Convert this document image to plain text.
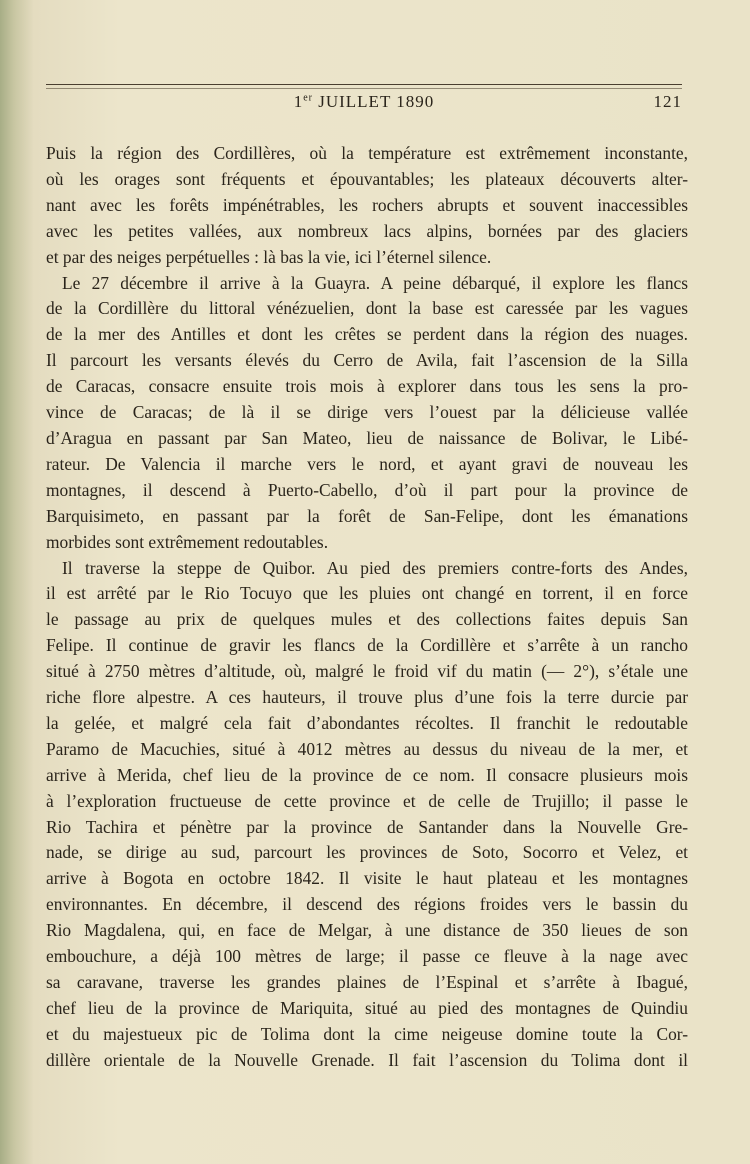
1er JUILLET 1890	121

Puis la région des Cordillères, où la température est extrêmement inconstante,

où les orages sont fréquents et épouvantables; les plateaux découverts alter-

nant avec les forêts impénétrables, les rochers abrupts et souvent inaccessibles

avec les petites vallées, aux nombreux lacs alpins, bornées par des glaciers

et par des neiges perpétuelles : là bas la vie, ici l’éternel silence.

Le 27 décembre il arrive à la Guayra. A peine débarqué, il explore les flancs

de la Cordillère du littoral vénézuelien, dont la base est caressée par les vagues

de la mer des Antilles et dont les crêtes se perdent dans la région des nuages.

Il parcourt les versants élevés du Cerro de Avila, fait l’ascension de la Silla

de Caracas, consacre ensuite trois mois à explorer dans tous les sens la pro-

vince de Caracas; de là il se dirige vers l’ouest par la délicieuse vallée

d’Aragua en passant par San Mateo, lieu de naissance de Bolivar, le Libé-

rateur. De Valencia il marche vers le nord, et ayant gravi de nouveau les

montagnes, il descend à Puerto-Cabello, d’où il part pour la province de

Barquisimeto, en passant par la forêt de San-Felipe, dont les émanations

morbides sont extrêmement redoutables.

Il traverse la steppe de Quibor. Au pied des premiers contre-forts des Andes,

il est arrêté par le Rio Tocuyo que les pluies ont changé en torrent, il en force

le passage au prix de quelques mules et des collections faites depuis San

Felipe. Il continue de gravir les flancs de la Cordillère et s’arrête à un rancho

situé à 2750 mètres d’altitude, où, malgré le froid vif du matin (— 2°), s’étale une

riche flore alpestre. A ces hauteurs, il trouve plus d’une fois la terre durcie par

la gelée, et malgré cela fait d’abondantes récoltes. Il franchit le redoutable

Paramo de Macuchies, situé à 4012 mètres au dessus du niveau de la mer, et

arrive à Merida, chef lieu de la province de ce nom. Il consacre plusieurs mois

à l’exploration fructueuse de cette province et de celle de Trujillo; il passe le

Rio Tachira et pénètre par la province de Santander dans la Nouvelle Gre-

nade, se dirige au sud, parcourt les provinces de Soto, Socorro et Velez, et

arrive à Bogota en octobre 1842. Il visite le haut plateau et les montagnes

environnantes. En décembre, il descend des régions froides vers le bassin du

Rio Magdalena, qui, en face de Melgar, à une distance de 350 lieues de son

embouchure, a déjà 100 mètres de large; il passe ce fleuve à la nage avec

sa caravane, traverse les grandes plaines de l’Espinal et s’arrête à Ibagué,

chef lieu de la province de Mariquita, situé au pied des montagnes de Quindiu

et du majestueux pic de Tolima dont la cime neigeuse domine toute la Cor-

dillère orientale de la Nouvelle Grenade. Il fait l’ascension du Tolima dont il
